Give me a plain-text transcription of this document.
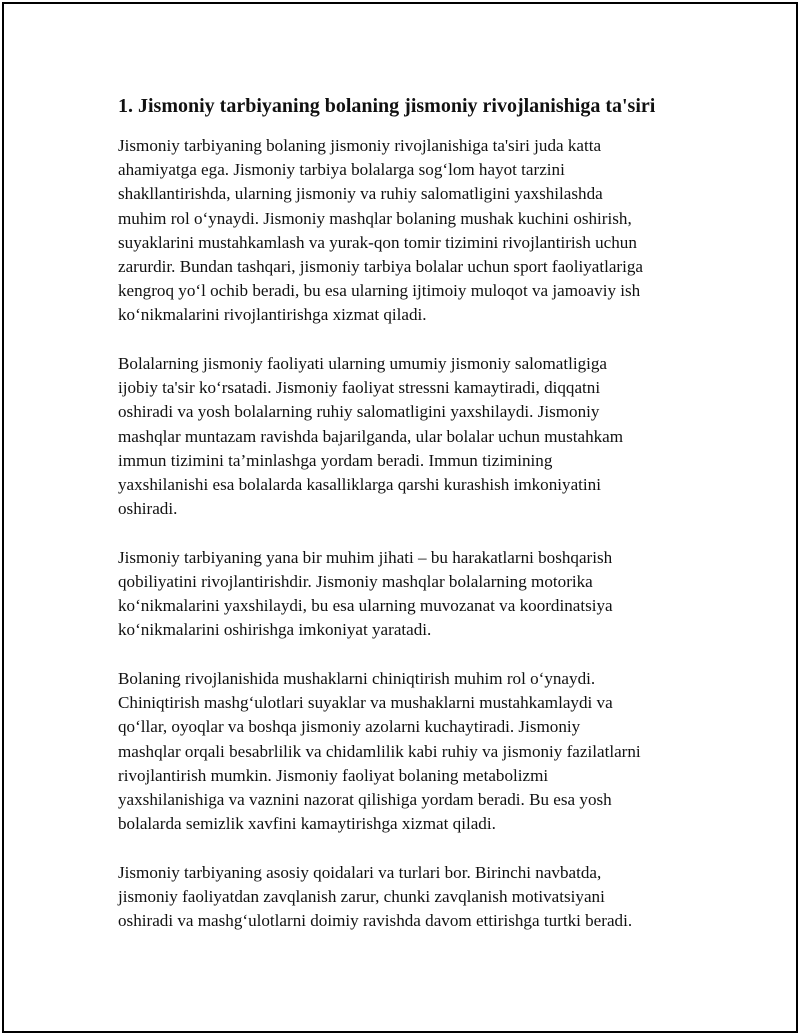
1. Jismoniy tarbiyaning bolaning jismoniy rivojlanishiga ta'siri
Jismoniy tarbiyaning bolaning jismoniy rivojlanishiga ta'siri juda katta
ahamiyatga ega. Jismoniy tarbiya bolalarga sog‘lom hayot tarzini
shakllantirishda, ularning jismoniy va ruhiy salomatligini yaxshilashda
muhim rol o‘ynaydi. Jismoniy mashqlar bolaning mushak kuchini oshirish,
suyaklarini mustahkamlash va yurak-qon tomir tizimini rivojlantirish uchun
zarurdir. Bundan tashqari, jismoniy tarbiya bolalar uchun sport faoliyatlariga
kengroq yo‘l ochib beradi, bu esa ularning ijtimoiy muloqot va jamoaviy ish
ko‘nikmalarini rivojlantirishga xizmat qiladi.
Bolalarning jismoniy faoliyati ularning umumiy jismoniy salomatligiga
ijobiy ta'sir ko‘rsatadi. Jismoniy faoliyat stressni kamaytiradi, diqqatni
oshiradi va yosh bolalarning ruhiy salomatligini yaxshilaydi. Jismoniy
mashqlar muntazam ravishda bajarilganda, ular bolalar uchun mustahkam
immun tizimini ta’minlashga yordam beradi. Immun tizimining
yaxshilanishi esa bolalarda kasalliklarga qarshi kurashish imkoniyatini
oshiradi.
Jismoniy tarbiyaning yana bir muhim jihati – bu harakatlarni boshqarish
qobiliyatini rivojlantirishdir. Jismoniy mashqlar bolalarning motorika
ko‘nikmalarini yaxshilaydi, bu esa ularning muvozanat va koordinatsiya
ko‘nikmalarini oshirishga imkoniyat yaratadi.
Bolaning rivojlanishida mushaklarni chiniqtirish muhim rol o‘ynaydi.
Chiniqtirish mashg‘ulotlari suyaklar va mushaklarni mustahkamlaydi va
qo‘llar, oyoqlar va boshqa jismoniy azolarni kuchaytiradi. Jismoniy
mashqlar orqali besabrlilik va chidamlilik kabi ruhiy va jismoniy fazilatlarni
rivojlantirish mumkin. Jismoniy faoliyat bolaning metabolizmi
yaxshilanishiga va vaznini nazorat qilishiga yordam beradi. Bu esa yosh
bolalarda semizlik xavfini kamaytirishga xizmat qiladi.
Jismoniy tarbiyaning asosiy qoidalari va turlari bor. Birinchi navbatda,
jismoniy faoliyatdan zavqlanish zarur, chunki zavqlanish motivatsiyani
oshiradi va mashg‘ulotlarni doimiy ravishda davom ettirishga turtki beradi.
